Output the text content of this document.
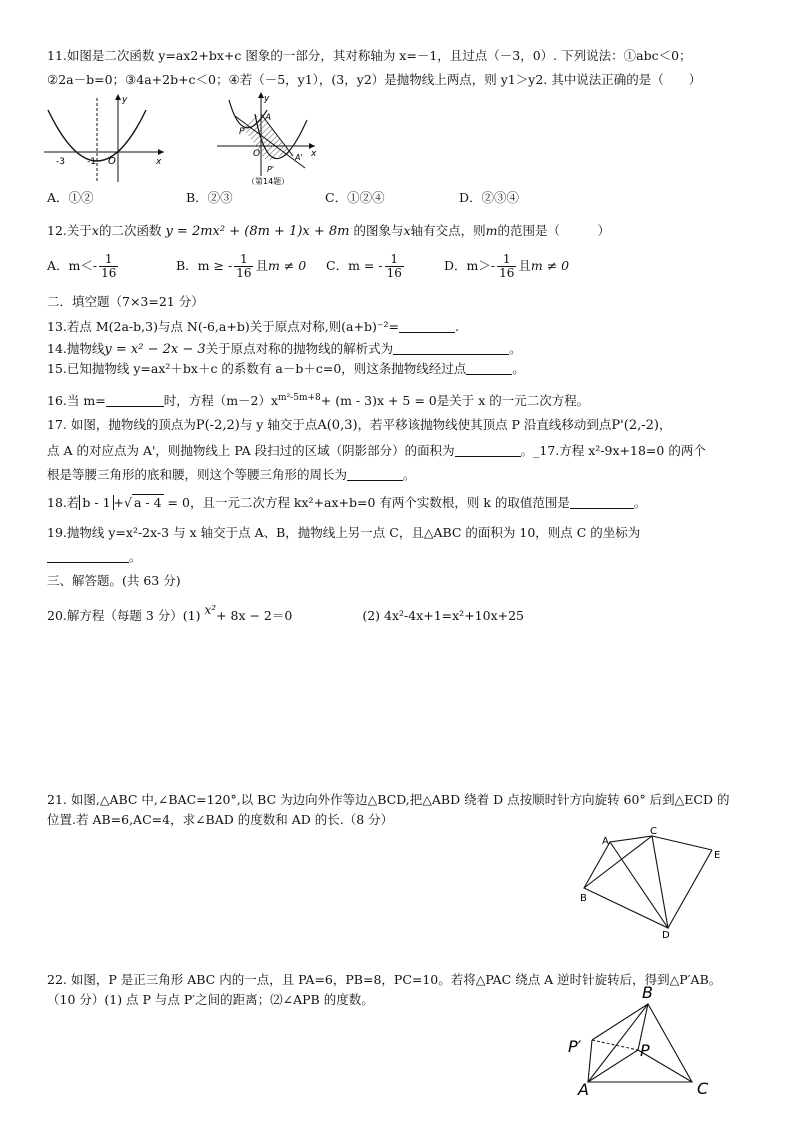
11.如图是二次函数 y=ax2+bx+c 图象的一部分，其对称轴为 x=－1，且过点（－3，0）. 下列说法：①abc＜0；
②2a－b=0；③4a+2b+c＜0；④若（－5，y1），(3，y2）是抛物线上两点，则 y1＞y2. 其中说法正确的是（　　）
y
x
-3 -1 O
y
x
P
A
O
P'
A'
（第14题）
A．①②	B．②③	C．①②④	D．②③④
12.关于x的二次函数 y = 2mx² + (8m + 1)x + 8m 的图象与x轴有交点，则m的范围是（　　　）
A．$m<- \frac{1}{16}$	B．m ≥ - $\frac{1}{16}$ 且m ≠ 0 C．m = - $\frac{1}{16}$	D．$m>- \frac{1}{16}$ 且m ≠ 0
二．填空题（7×3=21 分）
13.若点 M(2a-b,3)与点 N(-6,a+b)关于原点对称,则(a+b)⁻²=	.
14.抛物线y = x² − 2x − 3关于原点对称的抛物线的解析式为	。
15.已知抛物线 y=ax²＋bx＋c 的系数有 a－b＋c=0，则这条抛物线经过点	。
16.当 m=	时，方程$(m-2)x^{m^2-5m+8}+ (m - 3)x + 5 = 0$是关于 x 的一元二次方程。
17. 如图，抛物线的顶点为P(-2,2)与 y 轴交于点A(0,3)，若平移该抛物线使其顶点 P 沿直线移动到点P'(2,-2)，
点 A 的对应点为 A'，则抛物线上 PA 段扫过的区域（阴影部分）的面积为	。_17.方程 x²-9x+18=0 的两个
根是等腰三角形的底和腰，则这个等腰三角形的周长为	。
18.若 b - 1 +√ a - 4 = 0，且一元二次方程 kx²+ax+b=0 有两个实数根，则 k 的取值范围是	。
19.抛物线 y=x²-2x-3 与 x 轴交于点 A、B，抛物线上另一点 C，且△ABC 的面积为 10，则点 C 的坐标为
。
三、解答题。(共 63 分)
20.解方程（每题 3 分）(1) x²+ 8x − 2＝0	(2) 4x²-4x+1=x²+10x+25
21. 如图,△ABC 中,∠BAC=120°,以 BC 为边向外作等边△BCD,把△ABD 绕着 D 点按顺时针方向旋转 60° 后到△ECD 的
位置.若 AB=6,AC=4，求∠BAD 的度数和 AD 的长.（8 分）
A
B
C
D
E
22. 如图，P 是正三角形 ABC 内的一点，且 PA=6，PB=8，PC=10。若将△PAC 绕点 A 逆时针旋转后，得到△P′AB。
（10 分）(1) 点 P 与点 P′之间的距离；⑵∠APB 的度数。
A
B
C
P
P′
